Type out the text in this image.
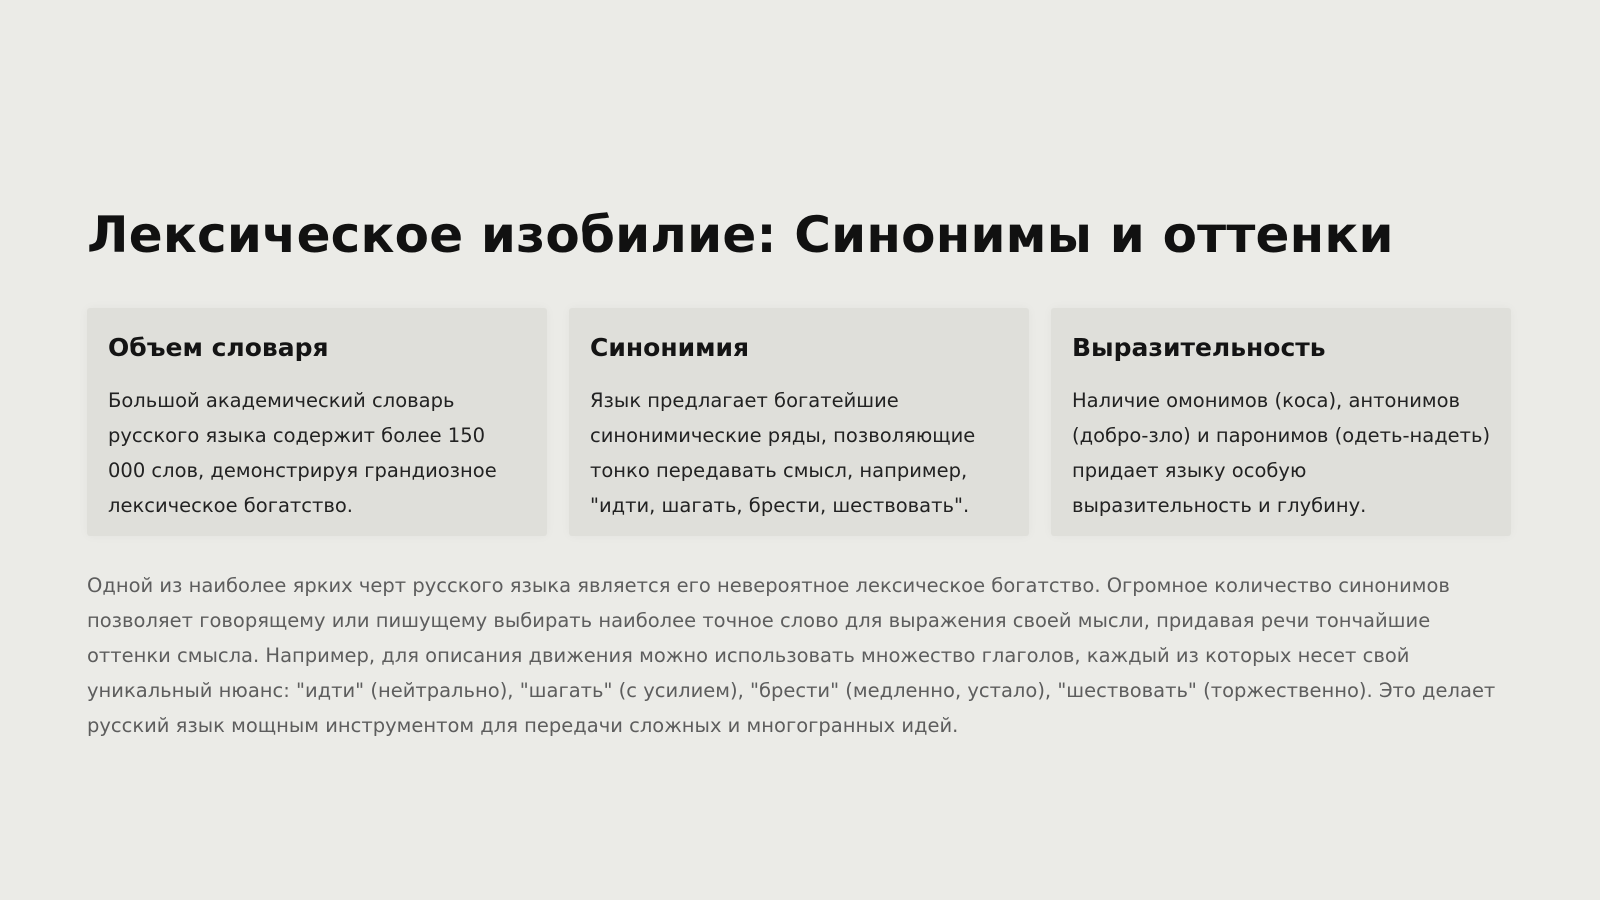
Лексическое изобилие: Синонимы и оттенки
Объем словаря

Большой академический словарь русского языка содержит более 150 000 слов, демонстрируя грандиозное лексическое богатство.

Синонимия

Язык предлагает богатейшие синонимические ряды, позволяющие тонко передавать смысл, например, "идти, шагать, брести, шествовать".

Выразительность

Наличие омонимов (коса), антонимов (добро-зло) и паронимов (одеть-надеть) придает языку особую выразительность и глубину.

Одной из наиболее ярких черт русского языка является его невероятное лексическое богатство. Огромное количество синонимов позволяет говорящему или пишущему выбирать наиболее точное слово для выражения своей мысли, придавая речи тончайшие оттенки смысла. Например, для описания движения можно использовать множество глаголов, каждый из которых несет свой уникальный нюанс: "идти" (нейтрально), "шагать" (с усилием), "брести" (медленно, устало), "шествовать" (торжественно). Это делает русский язык мощным инструментом для передачи сложных и многогранных идей.
